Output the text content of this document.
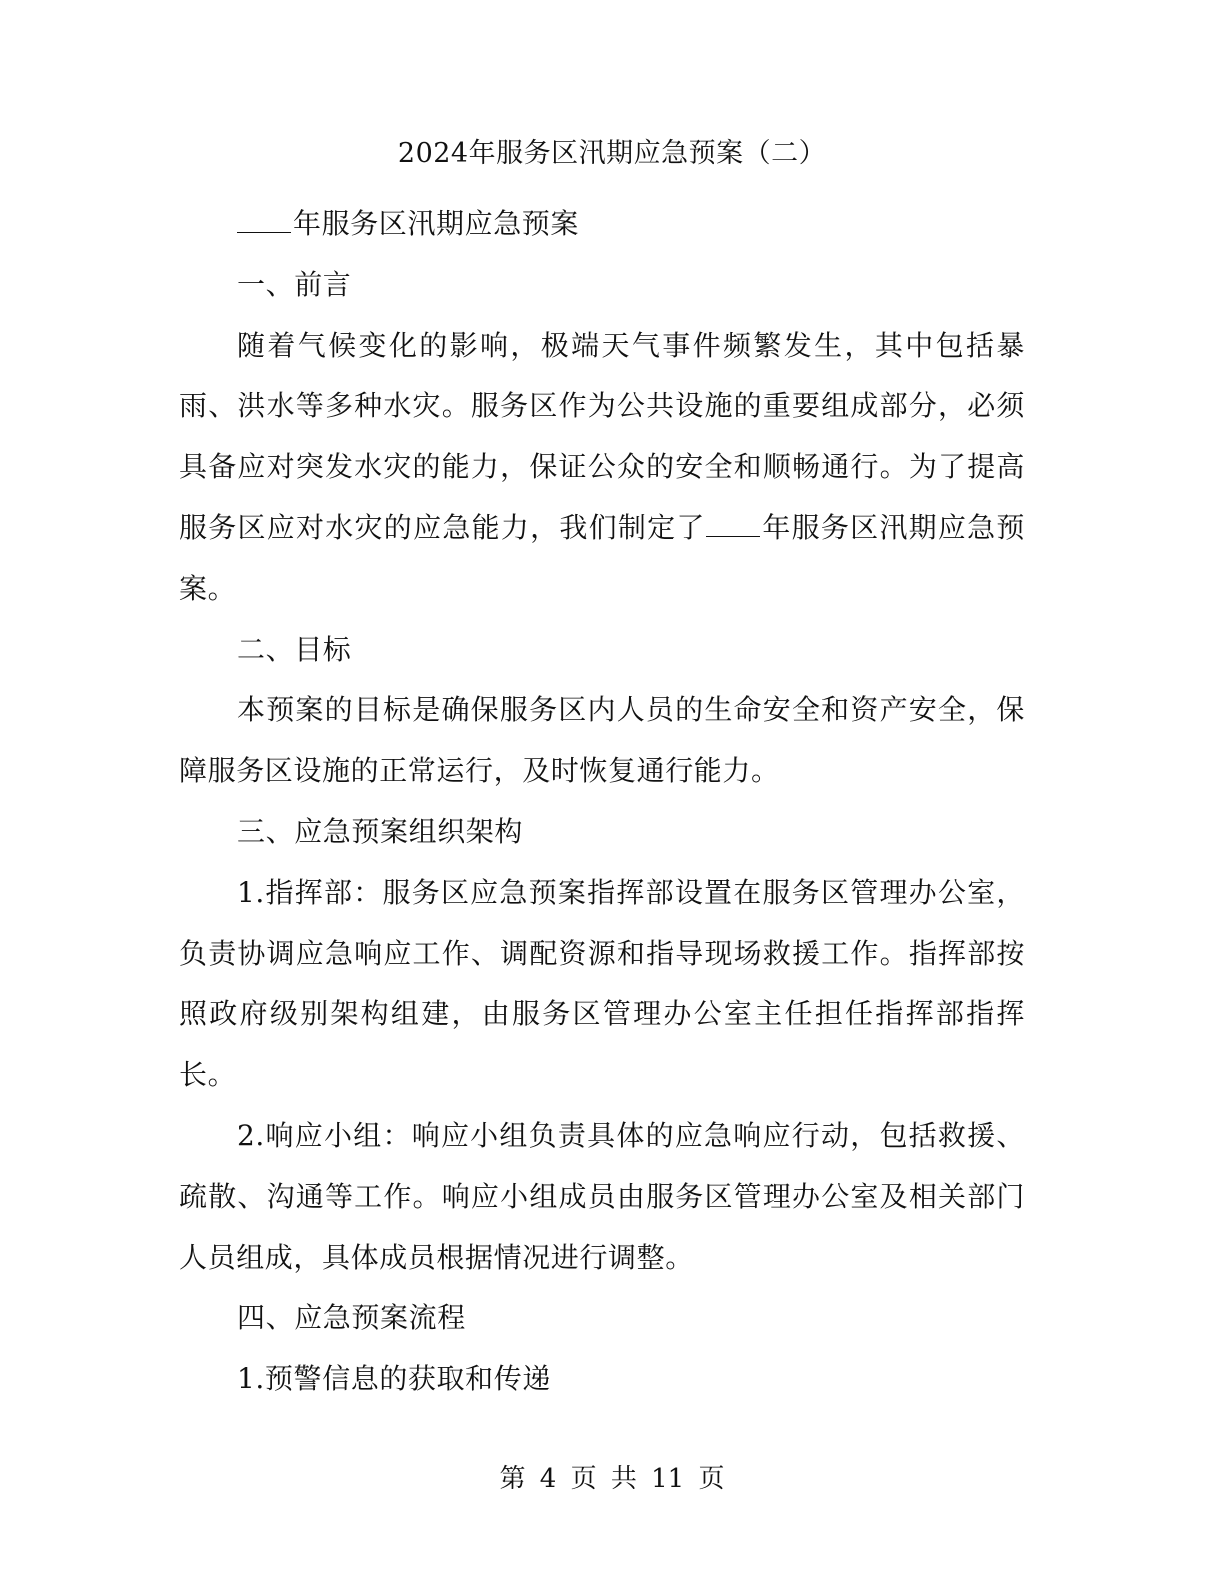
2024年服务区汛期应急预案（二）

年服务区汛期应急预案

一、前言

随着气候变化的影响，极端天气事件频繁发生，其中包括暴雨、洪水等多种水灾。服务区作为公共设施的重要组成部分，必须具备应对突发水灾的能力，保证公众的安全和顺畅通行。为了提高服务区应对水灾的应急能力，我们制定了 年服务区汛期应急预案。

二、目标

本预案的目标是确保服务区内人员的生命安全和资产安全，保障服务区设施的正常运行，及时恢复通行能力。

三、应急预案组织架构

1.指挥部：服务区应急预案指挥部设置在服务区管理办公室，负责协调应急响应工作、调配资源和指导现场救援工作。指挥部按照政府级别架构组建，由服务区管理办公室主任担任指挥部指挥长。

2.响应小组：响应小组负责具体的应急响应行动，包括救援、疏散、沟通等工作。响应小组成员由服务区管理办公室及相关部门人员组成，具体成员根据情况进行调整。

四、应急预案流程

1.预警信息的获取和传递

第 4 页 共 11 页
